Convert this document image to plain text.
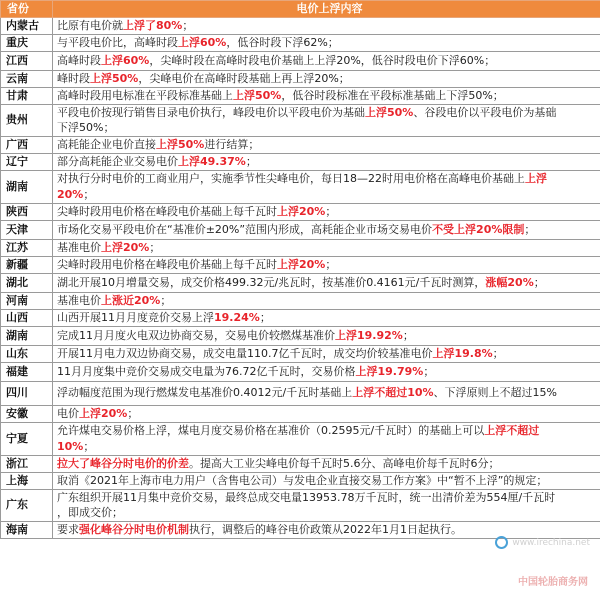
省份	电价上浮内容
内蒙古	比原有电价就上浮了80%；

重庆	与平段电价比，高峰时段上浮60%，低谷时段下浮62%；

江西	高峰时段上浮60%，尖峰时段在高峰时段电价基础上上浮20%，低谷时段电价下浮60%；

云南	峰时段上浮50%，尖峰电价在高峰时段基础上再上浮20%；

甘肃	高峰时段用电标准在平段标准基础上上浮50%，低谷时段标准在平段标准基础上下浮50%；

贵州	平段电价按现行销售目录电价执行，峰段电价以平段电价为基础上浮50%、谷段电价以平段电价为基础
下浮50%；

广西	高耗能企业电价直接上浮50%进行结算；

辽宁	部分高耗能企业交易电价上浮49.37%；

湖南	对执行分时电价的工商业用户，实施季节性尖峰电价，每日18—22时用电价格在高峰电价基础上上浮
20%；

陕西	尖峰时段用电价格在峰段电价基础上每千瓦时上浮20%；

天津	市场化交易平段电价在“基准价±20%”范围内形成，高耗能企业市场交易电价不受上浮20%限制；

江苏	基准电价上浮20%；

新疆	尖峰时段用电价格在峰段电价基础上每千瓦时上浮20%；

湖北	湖北开展10月增量交易，成交价格499.32元/兆瓦时，按基准价0.4161元/千瓦时测算，涨幅20%；

河南	基准电价上涨近20%；

山西	山西开展11月月度竞价交易上浮19.24%；

湖南	完成11月月度火电双边协商交易，交易电价较燃煤基准价上浮19.92%；

山东	开展11月电力双边协商交易，成交电量110.7亿千瓦时，成交均价较基准电价上浮19.8%；

福建	11月月度集中竞价交易成交电量为76.72亿千瓦时，交易价格上浮19.79%；

四川	浮动幅度范围为现行燃煤发电基准价0.4012元/千瓦时基础上上浮不超过10%、下浮原则上不超过15%

安徽	电价上浮20%；

宁夏	允许煤电交易价格上浮，煤电月度交易价格在基准价（0.2595元/千瓦时）的基础上可以上浮不超过
10%；

浙江	拉大了峰谷分时电价的价差。提高大工业尖峰电价每千瓦时5.6分、高峰电价每千瓦时6分；

上海	取消《2021年上海市电力用户（含售电公司）与发电企业直接交易工作方案》中“暂不上浮”的规定；

广东	广东组织开展11月集中竞价交易，最终总成交电量13953.78万千瓦时，统一出清价差为554厘/千瓦时
，即成交价；

海南	要求强化峰谷分时电价机制执行，调整后的峰谷电价政策从2022年1月1日起执行。
www.irechina.net
中国轮胎商务网
